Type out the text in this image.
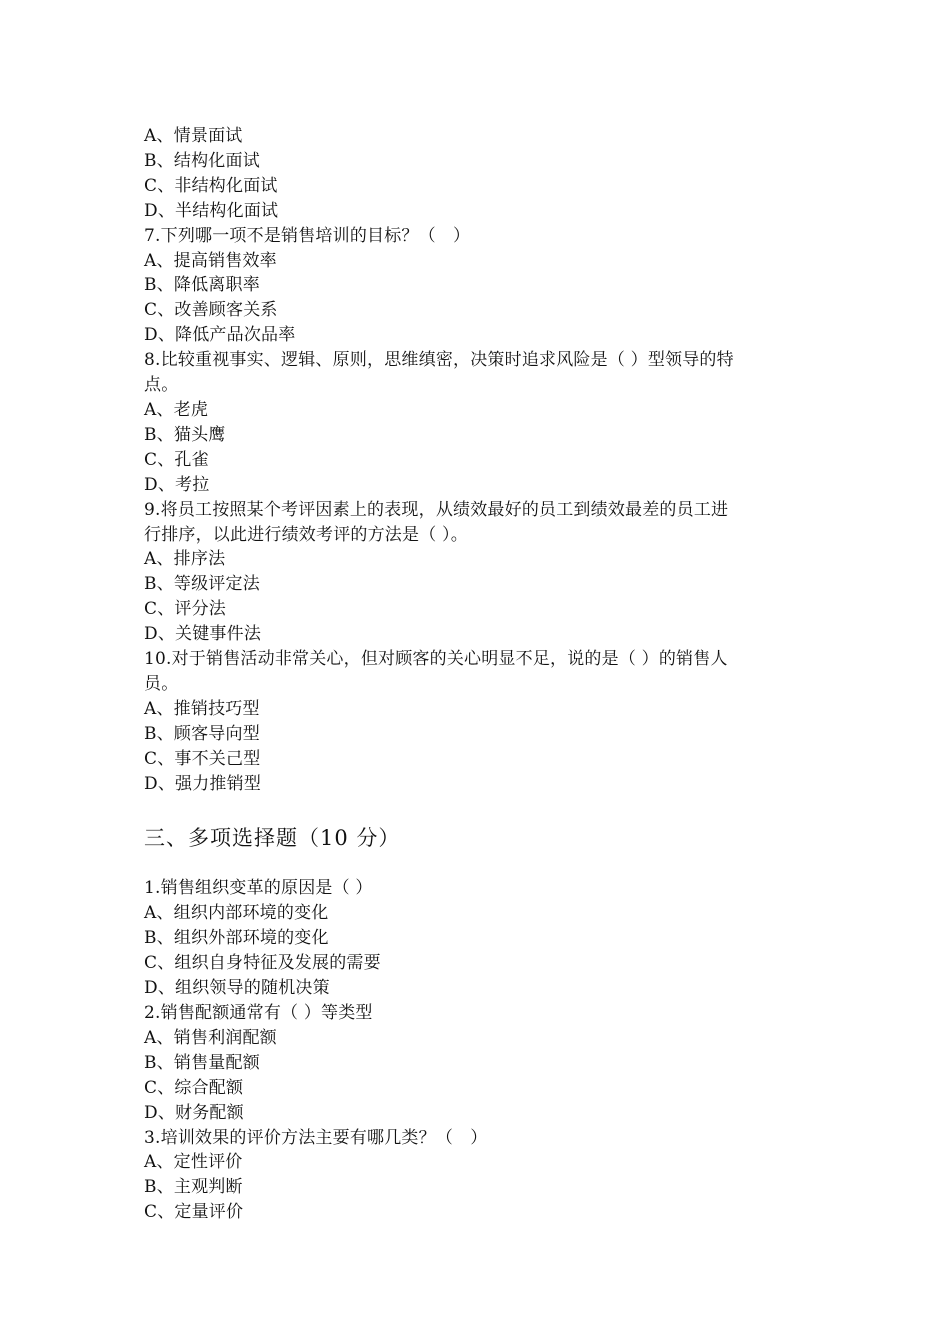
A、情景面试
B、结构化面试
C、非结构化面试
D、半结构化面试
7.下列哪一项不是销售培训的目标？（　）
A、提高销售效率
B、降低离职率
C、改善顾客关系
D、降低产品次品率
8.比较重视事实、逻辑、原则，思维缜密，决策时追求风险是（ ）型领导的特
点。
A、老虎
B、猫头鹰
C、孔雀
D、考拉
9.将员工按照某个考评因素上的表现，从绩效最好的员工到绩效最差的员工进
行排序，以此进行绩效考评的方法是（ ）。
A、排序法
B、等级评定法
C、评分法
D、关键事件法
10.对于销售活动非常关心，但对顾客的关心明显不足，说的是（ ）的销售人
员。
A、推销技巧型
B、顾客导向型
C、事不关己型
D、强力推销型
三、多项选择题（10 分）
1.销售组织变革的原因是（ ）
A、组织内部环境的变化
B、组织外部环境的变化
C、组织自身特征及发展的需要
D、组织领导的随机决策
2.销售配额通常有（ ）等类型
A、销售利润配额
B、销售量配额
C、综合配额
D、财务配额
3.培训效果的评价方法主要有哪几类？（　）
A、定性评价
B、主观判断
C、定量评价
